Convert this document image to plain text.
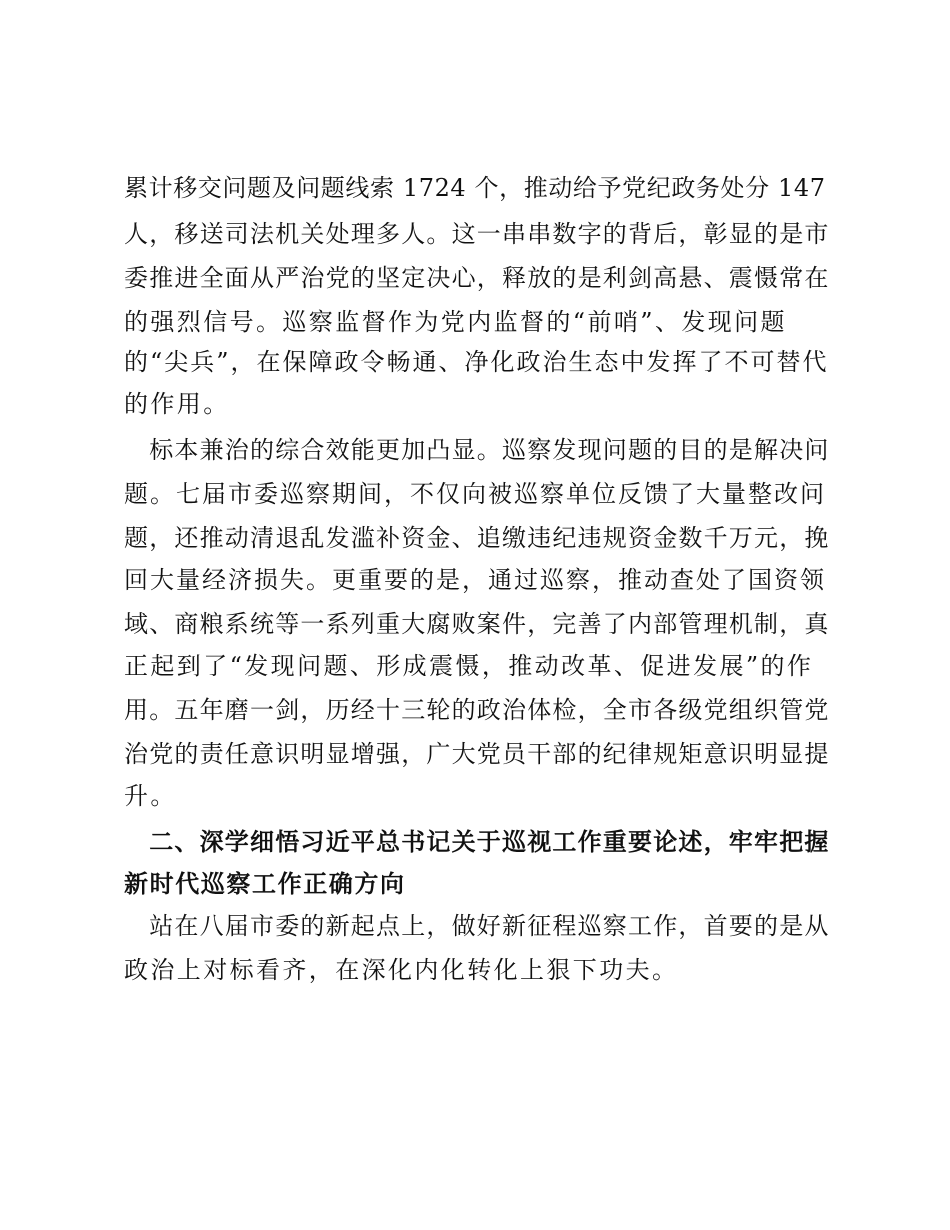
累计移交问题及问题线索 1724 个，推动给予党纪政务处分 147
人，移送司法机关处理多人。这一串串数字的背后，彰显的是市
委推进全面从严治党的坚定决心，释放的是利剑高悬、震慑常在
的强烈信号。巡察监督作为党内监督的“前哨”、发现问题
的“尖兵”，在保障政令畅通、净化政治生态中发挥了不可替代
的作用。
　标本兼治的综合效能更加凸显。巡察发现问题的目的是解决问
题。七届市委巡察期间，不仅向被巡察单位反馈了大量整改问
题，还推动清退乱发滥补资金、追缴违纪违规资金数千万元，挽
回大量经济损失。更重要的是，通过巡察，推动查处了国资领
域、商粮系统等一系列重大腐败案件，完善了内部管理机制，真
正起到了“发现问题、形成震慑，推动改革、促进发展”的作
用。五年磨一剑，历经十三轮的政治体检，全市各级党组织管党
治党的责任意识明显增强，广大党员干部的纪律规矩意识明显提
升。
　二、深学细悟习近平总书记关于巡视工作重要论述，牢牢把握
新时代巡察工作正确方向
　站在八届市委的新起点上，做好新征程巡察工作，首要的是从
政治上对标看齐，在深化内化转化上狠下功夫。
